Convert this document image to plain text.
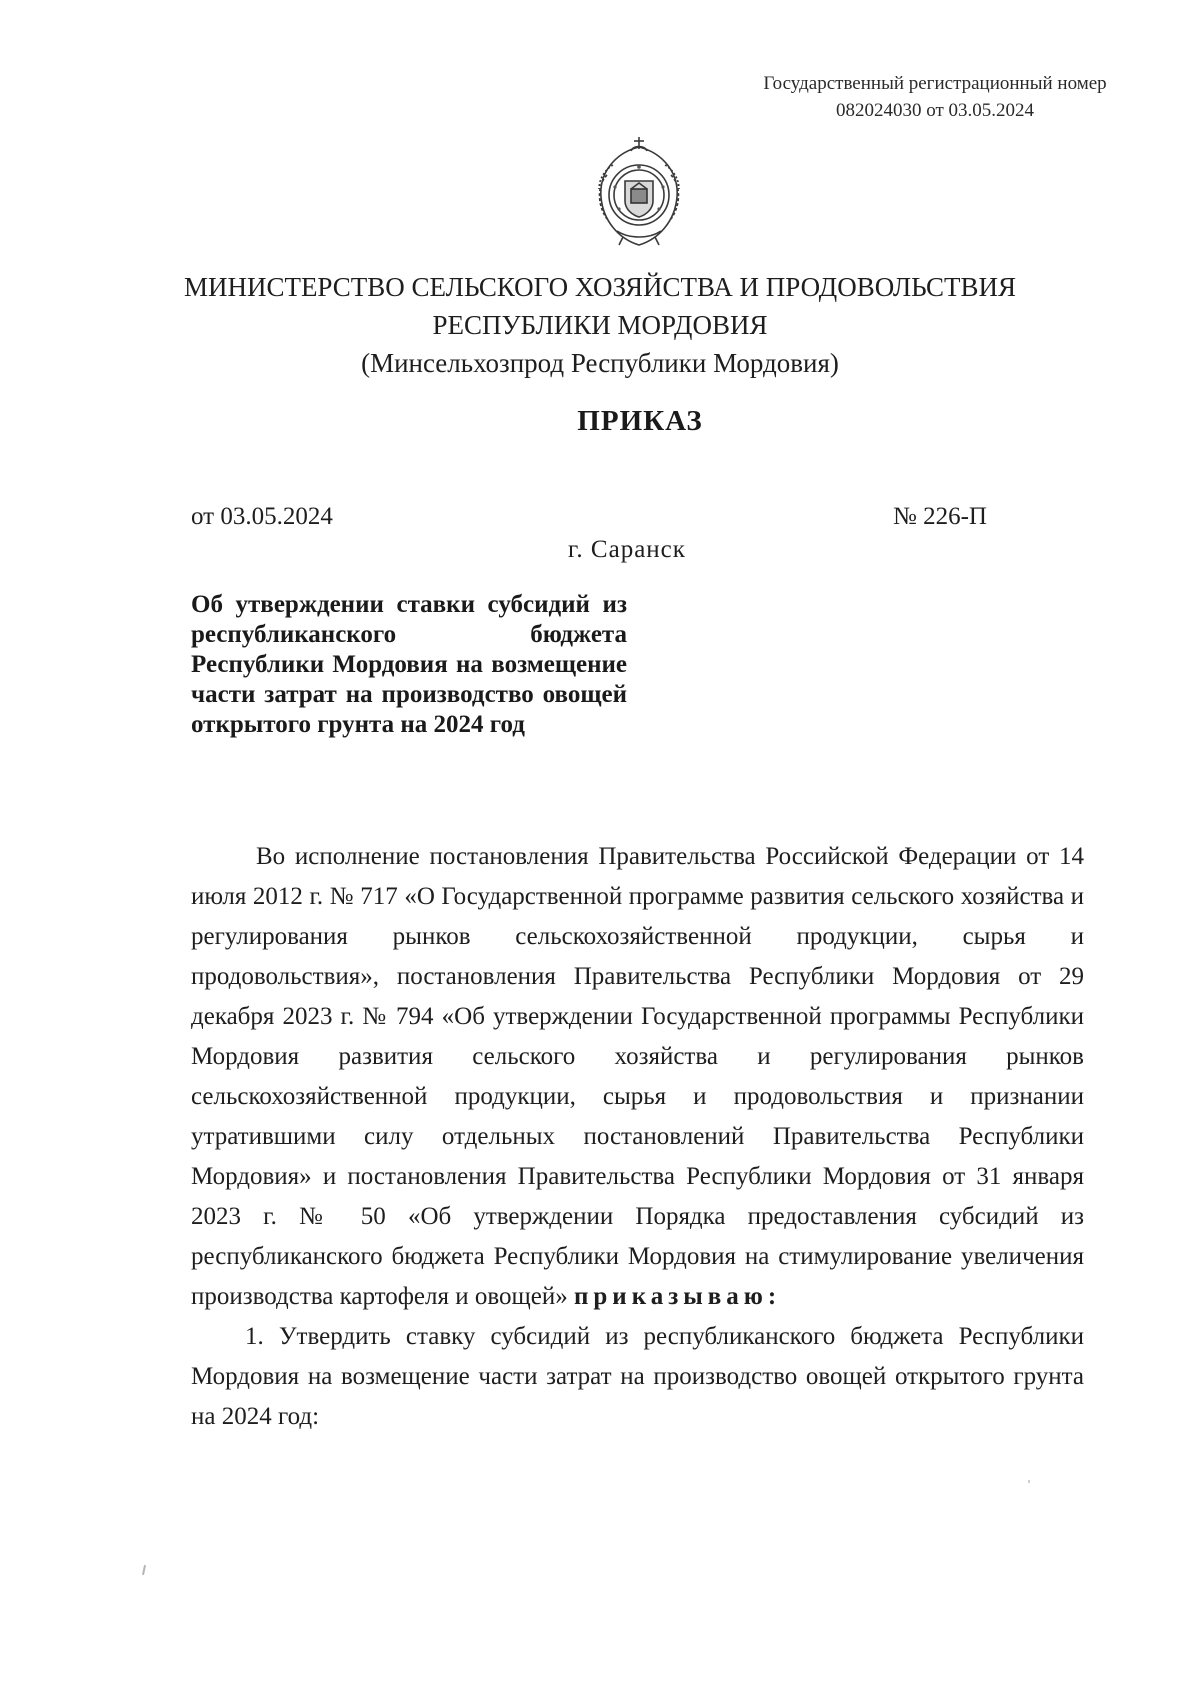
Государственный регистрационный номер
082024030 от 03.05.2024
МИНИСТЕРСТВО СЕЛЬСКОГО ХОЗЯЙСТВА И ПРОДОВОЛЬСТВИЯ
РЕСПУБЛИКИ МОРДОВИЯ
(Минсельхозпрод Республики Мордовия)
ПРИКАЗ
от 03.05.2024	№ 226-П
г. Саранск
Об утверждении ставки субсидий из республиканского бюджета Республики Мордовия на возмещение части затрат на производство овощей открытого грунта на 2024 год

Во исполнение постановления Правительства Российской Федерации от 14 июля 2012 г. № 717 «О Государственной программе развития сельского хозяйства и регулирования рынков сельскохозяйственной продукции, сырья и продовольствия», постановления Правительства Республики Мордовия от 29 декабря 2023 г. № 794 «Об утверждении Государственной программы Республики Мордовия развития сельского хозяйства и регулирования рынков сельскохозяйственной продукции, сырья и продовольствия и признании утратившими силу отдельных постановлений Правительства Республики Мордовия» и постановления Правительства Республики Мордовия от 31 января 2023 г. № 50 «Об утверждении Порядка предоставления субсидий из республиканского бюджета Республики Мордовия на стимулирование увеличения производства картофеля и овощей» приказываю:

1. Утвердить ставку субсидий из республиканского бюджета Республики Мордовия на возмещение части затрат на производство овощей открытого грунта на 2024 год:
